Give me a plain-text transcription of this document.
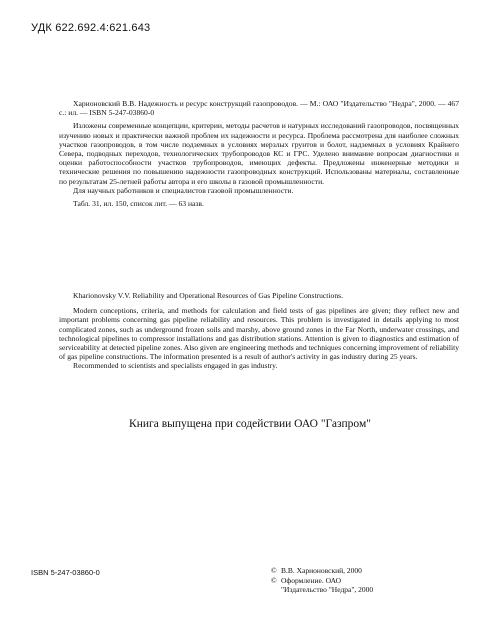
УДК 622.692.4:621.643

Харионовский В.В. Надежность и ресурс конструкций газопроводов. — М.: ОАО "Издательство "Недра", 2000. — 467 с.: ил. — ISBN 5-247-03860-0

Изложены современные концепции, критерии, методы расчетов и натурных исследований газопроводов, посвященных изучению новых и практически важной проблем их надежности и ресурса. Проблема рассмотрена для наиболее сложных участков газопроводов, в том числе подземных в условиях мерзлых грунтов и болот, надземных в условиях Крайнего Севера, подводных переходов, технологических трубопроводов КС и ГРС. Уделено внимание вопросам диагностики и оценки работоспособности участков трубопроводов, имеющих дефекты. Предложены инженерные методики и технические решения по повышению надежности газопроводных конструкций. Использованы материалы, составленные по результатам 25-летней работы автора и его школы в газовой промышленности.

Для научных работников и специалистов газовой промышленности.

Табл. 31, ил. 150, список лит. — 63 назв.

Kharionovsky V.V. Reliability and Operational Resources of Gas Pipeline Constructions.

Modern conceptions, criteria, and methods for calculation and field tests of gas pipelines are given; they reflect new and important problems concerning gas pipeline reliability and resources. This problem is investigated in details applying to most complicated zones, such as underground frozen soils and marshy, above ground zones in the Far North, underwater crossings, and technological pipelines to compressor installations and gas distribution stations. Attention is given to diagnostics and estimation of serviceability at detected pipeline zones. Also given are engineering methods and techniques concerning improvement of reliability of gas pipeline constructions. The information presented is a result of author's activity in gas industry during 25 years.

Recommended to scientists and specialists engaged in gas industry.

Книга выпущена при содействии ОАО "Газпром"
ISBN 5-247-03860-0	© В.В. Харионовский, 2000
© Оформление. ОАО
"Издательство "Недра", 2000
